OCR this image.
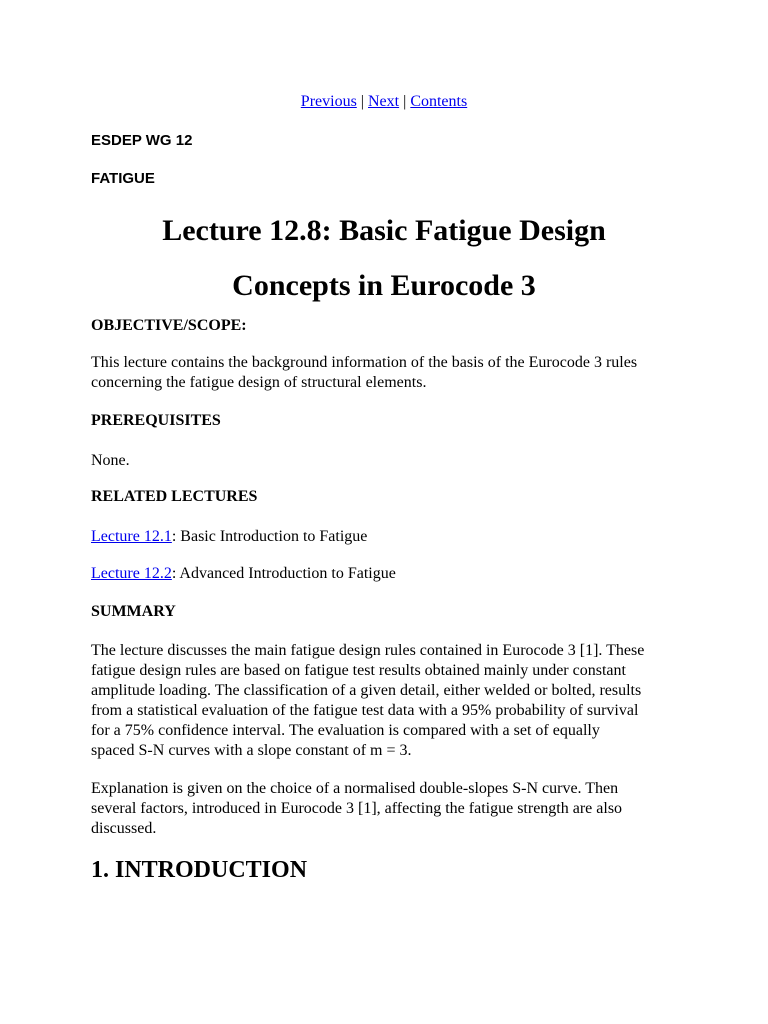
Previous | Next | Contents

ESDEP WG 12

FATIGUE

Lecture 12.8: Basic Fatigue Design
Concepts in Eurocode 3

OBJECTIVE/SCOPE:

This lecture contains the background information of the basis of the Eurocode 3 rules
concerning the fatigue design of structural elements.

PREREQUISITES

None.

RELATED LECTURES

Lecture 12.1: Basic Introduction to Fatigue

Lecture 12.2: Advanced Introduction to Fatigue

SUMMARY

The lecture discusses the main fatigue design rules contained in Eurocode 3 [1]. These
fatigue design rules are based on fatigue test results obtained mainly under constant
amplitude loading. The classification of a given detail, either welded or bolted, results
from a statistical evaluation of the fatigue test data with a 95% probability of survival
for a 75% confidence interval. The evaluation is compared with a set of equally
spaced S-N curves with a slope constant of m = 3.

Explanation is given on the choice of a normalised double-slopes S-N curve. Then
several factors, introduced in Eurocode 3 [1], affecting the fatigue strength are also
discussed.

1. INTRODUCTION
